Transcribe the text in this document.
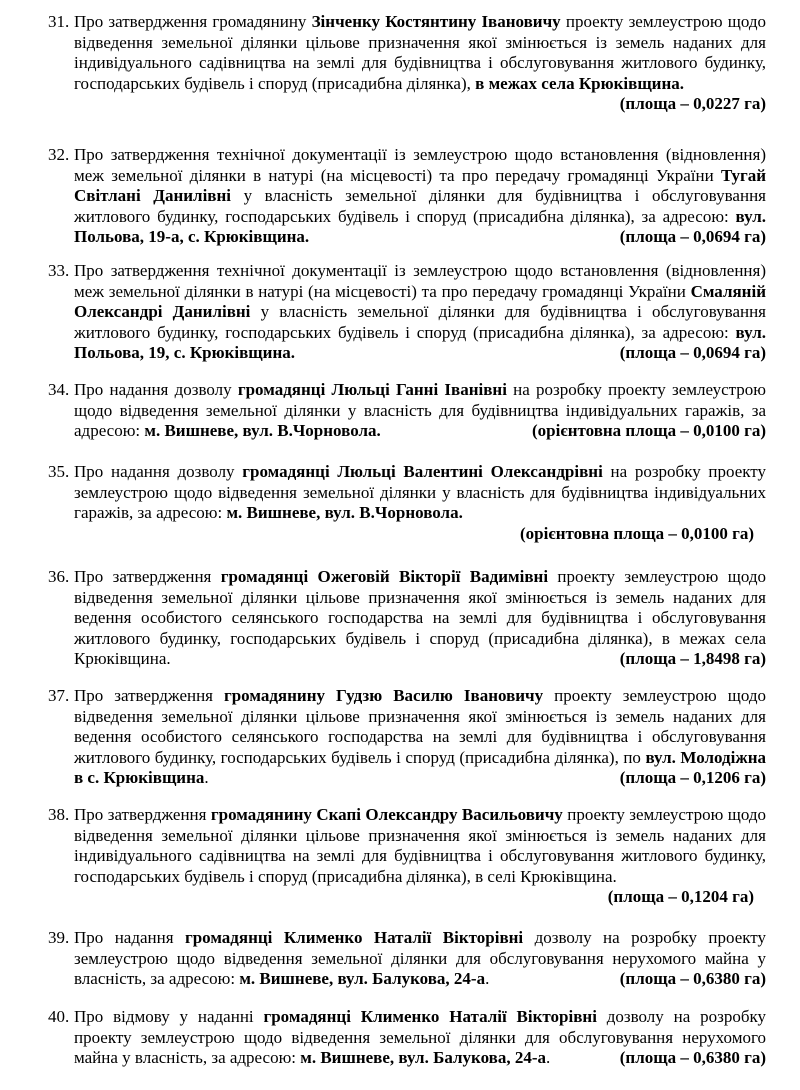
31. Про затвердження громадянину Зінченку Костянтину Івановичу проекту землеустрою щодо відведення земельної ділянки цільове призначення якої змінюється із земель наданих для індивідуального садівництва на землі для будівництва і обслуговування житлового будинку, господарських будівель і споруд (присадибна ділянка), в межах села Крюківщина.
(площа – 0,0227 га)
32. Про затвердження технічної документації із землеустрою щодо встановлення (відновлення) меж земельної ділянки в натурі (на місцевості) та про передачу громадянці України Тугай Світлані Данилівні у власність земельної ділянки для будівництва і обслуговування житлового будинку, господарських будівель і споруд (присадибна ділянка), за адресою: вул. Польова, 19-а, с. Крюківщина.	(площа – 0,0694 га)
33. Про затвердження технічної документації із землеустрою щодо встановлення (відновлення) меж земельної ділянки в натурі (на місцевості) та про передачу громадянці України Смаляній Олександрі Данилівні у власність земельної ділянки для будівництва і обслуговування житлового будинку, господарських будівель і споруд (присадибна ділянка), за адресою: вул. Польова, 19, с. Крюківщина.	(площа – 0,0694 га)
34. Про надання дозволу громадянці Люльці Ганні Іванівні на розробку проекту землеустрою щодо відведення земельної ділянки у власність для будівництва індивідуальних гаражів, за адресою: м. Вишневе, вул. В.Чорновола.	(орієнтовна площа – 0,0100 га)
35. Про надання дозволу громадянці Люльці Валентині Олександрівні на розробку проекту землеустрою щодо відведення земельної ділянки у власність для будівництва індивідуальних гаражів, за адресою: м. Вишневе, вул. В.Чорновола.
(орієнтовна площа – 0,0100 га)
36. Про затвердження громадянці Ожеговій Вікторії Вадимівні проекту землеустрою щодо відведення земельної ділянки цільове призначення якої змінюється із земель наданих для ведення особистого селянського господарства на землі для будівництва і обслуговування житлового будинку, господарських будівель і споруд (присадибна ділянка), в межах села Крюківщина.	(площа – 1,8498 га)
37. Про затвердження громадянину Гудзю Василю Івановичу проекту землеустрою щодо відведення земельної ділянки цільове призначення якої змінюється із земель наданих для ведення особистого селянського господарства на землі для будівництва і обслуговування житлового будинку, господарських будівель і споруд (присадибна ділянка), по вул. Молодіжна в с. Крюківщина.	(площа – 0,1206 га)
38. Про затвердження громадянину Скапі Олександру Васильовичу проекту землеустрою щодо відведення земельної ділянки цільове призначення якої змінюється із земель наданих для індивідуального садівництва на землі для будівництва і обслуговування житлового будинку, господарських будівель і споруд (присадибна ділянка), в селі Крюківщина.
(площа – 0,1204 га)
39. Про надання громадянці Клименко Наталії Вікторівні дозволу на розробку проекту землеустрою щодо відведення земельної ділянки для обслуговування нерухомого майна у власність, за адресою: м. Вишневе, вул. Балукова, 24-а.	(площа – 0,6380 га)
40. Про відмову у наданні громадянці Клименко Наталії Вікторівні дозволу на розробку проекту землеустрою щодо відведення земельної ділянки для обслуговування нерухомого майна у власність, за адресою: м. Вишневе, вул. Балукова, 24-а.	(площа – 0,6380 га)
